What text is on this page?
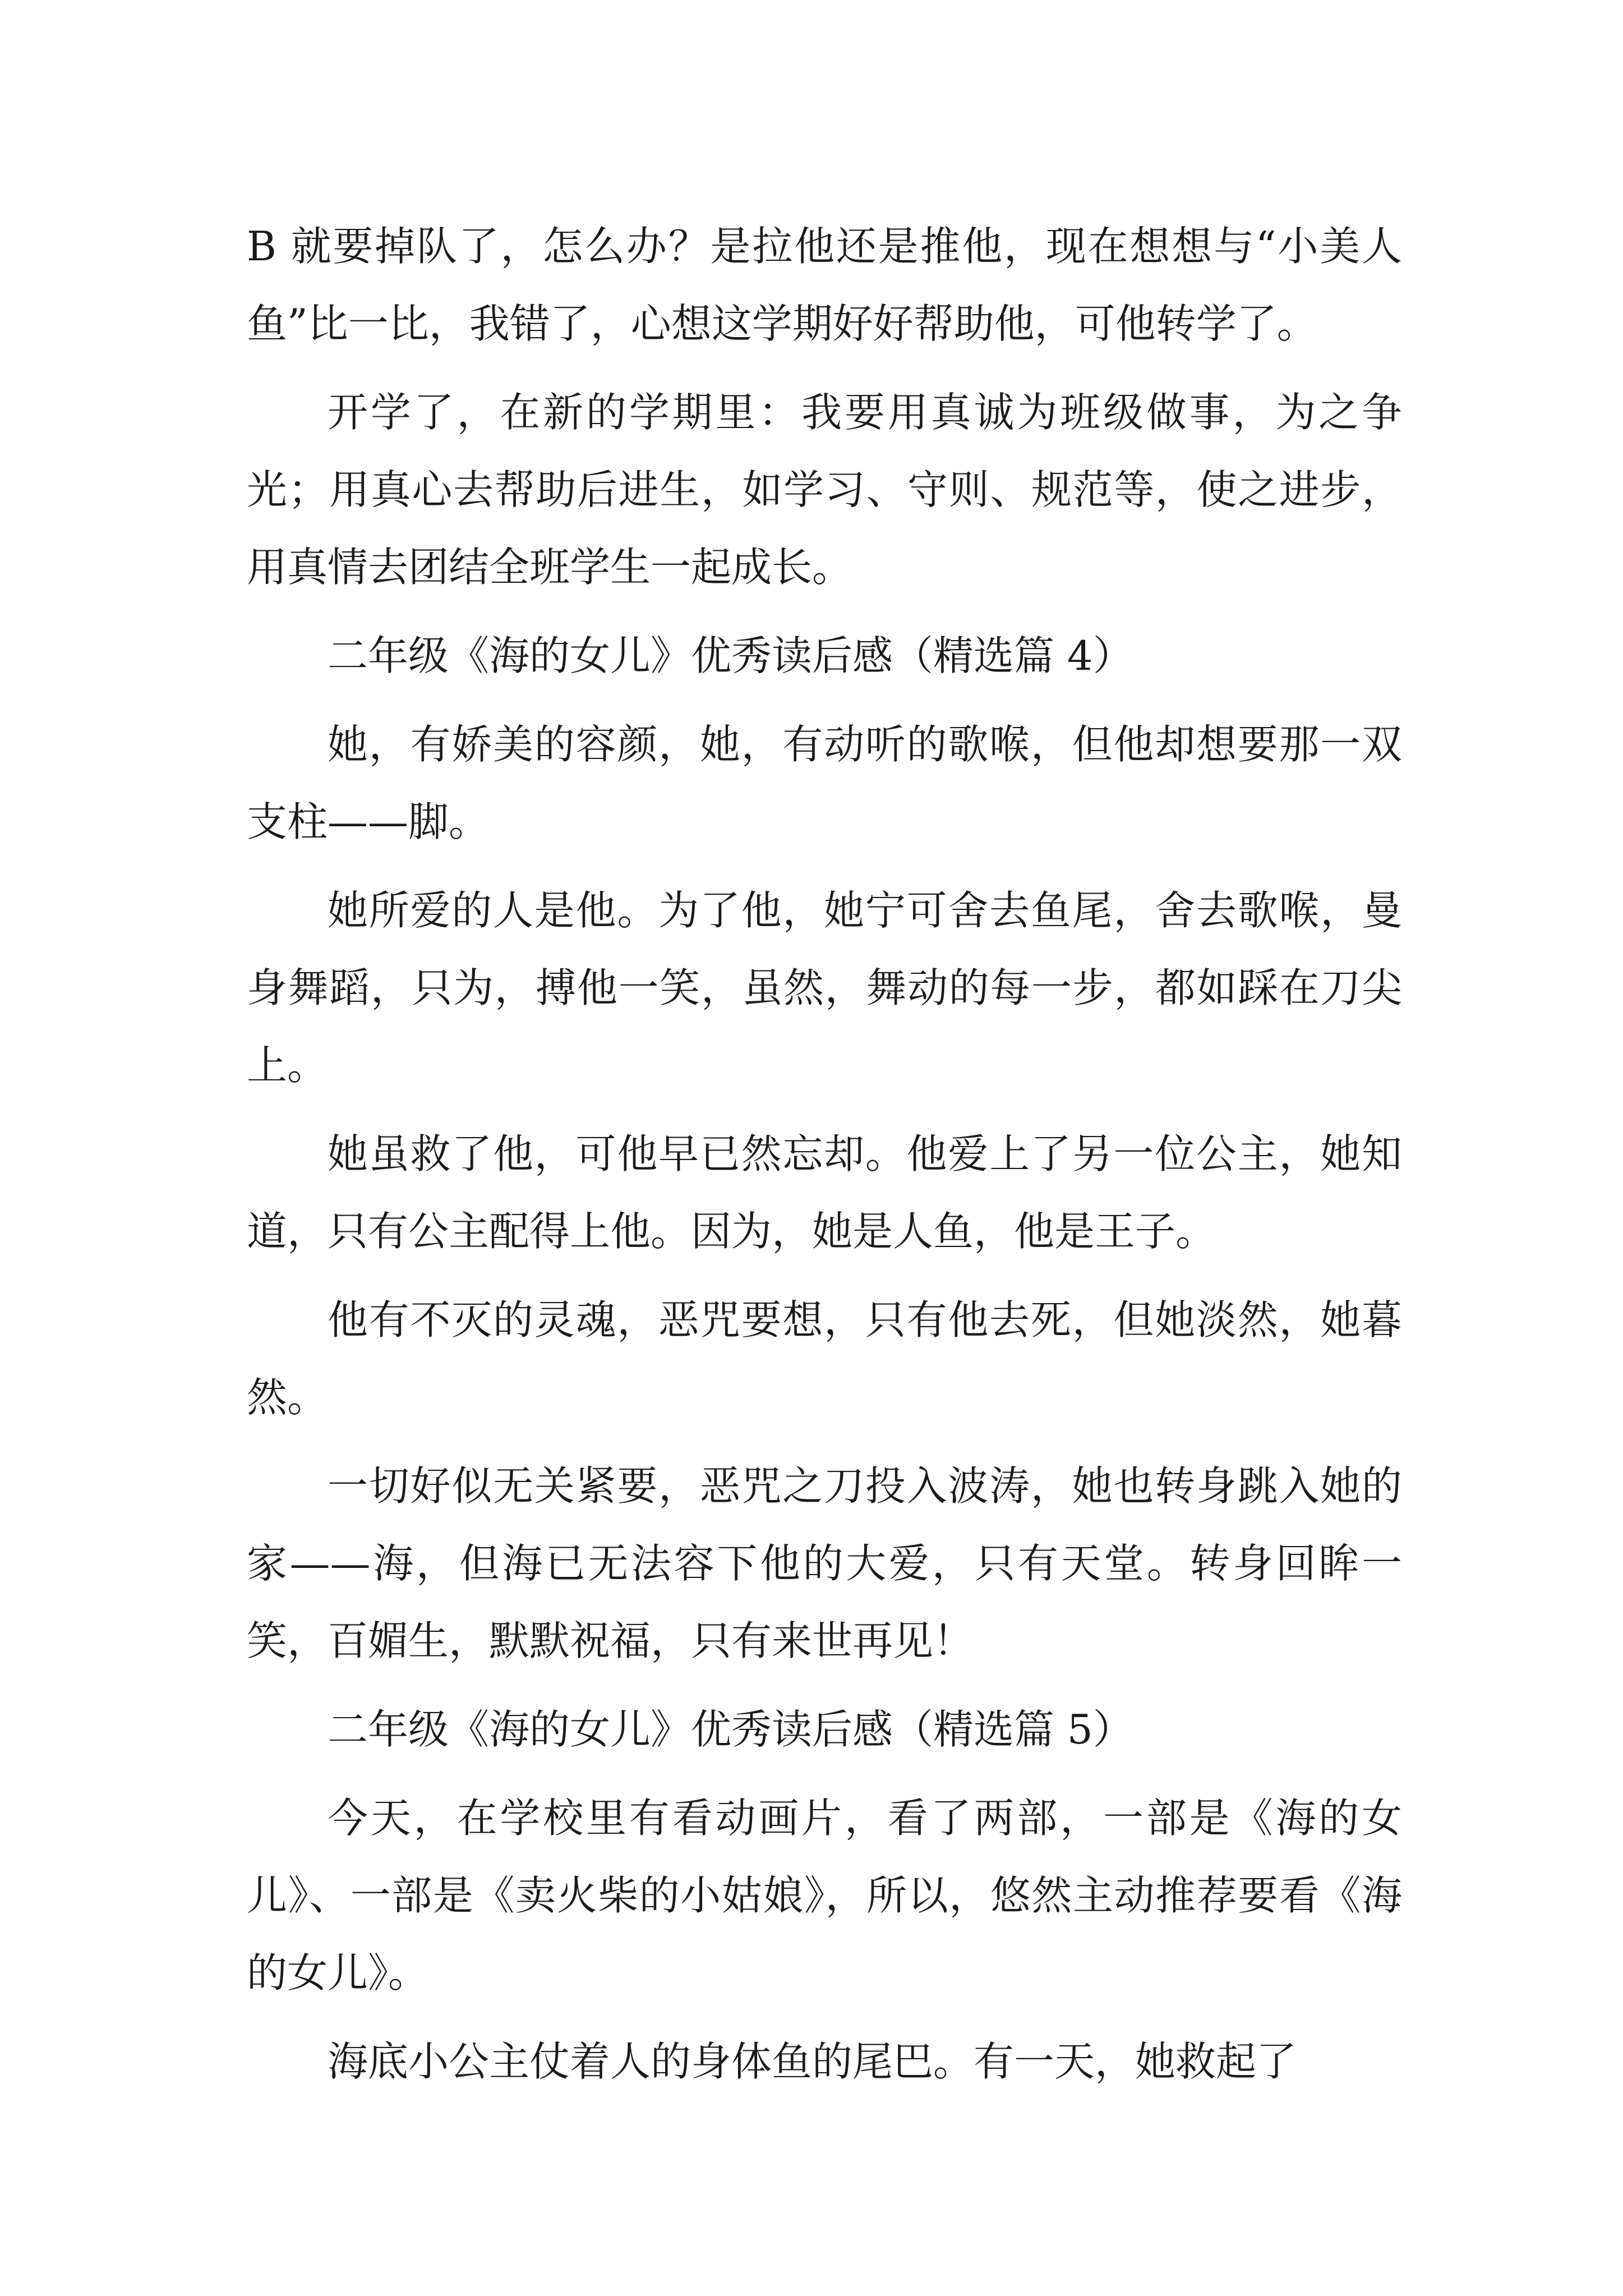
B 就要掉队了，怎么办？是拉他还是推他，现在想想与“小美人鱼”比一比，我错了，心想这学期好好帮助他，可他转学了。

开学了，在新的学期里：我要用真诚为班级做事，为之争光；用真心去帮助后进生，如学习、守则、规范等，使之进步，用真情去团结全班学生一起成长。

二年级《海的女儿》优秀读后感（精选篇 4）

她，有娇美的容颜，她，有动听的歌喉，但他却想要那一双支柱——脚。

她所爱的人是他。为了他，她宁可舍去鱼尾，舍去歌喉，曼身舞蹈，只为，搏他一笑，虽然，舞动的每一步，都如踩在刀尖上。

她虽救了他，可他早已然忘却。他爱上了另一位公主，她知道，只有公主配得上他。因为，她是人鱼，他是王子。

他有不灭的灵魂，恶咒要想，只有他去死，但她淡然，她暮然。

一切好似无关紧要，恶咒之刀投入波涛，她也转身跳入她的家——海，但海已无法容下他的大爱，只有天堂。转身回眸一笑，百媚生，默默祝福，只有来世再见！

二年级《海的女儿》优秀读后感（精选篇 5）

今天，在学校里有看动画片，看了两部，一部是《海的女儿》、一部是《卖火柴的小姑娘》，所以，悠然主动推荐要看《海的女儿》。

海底小公主仗着人的身体鱼的尾巴。有一天，她救起了
